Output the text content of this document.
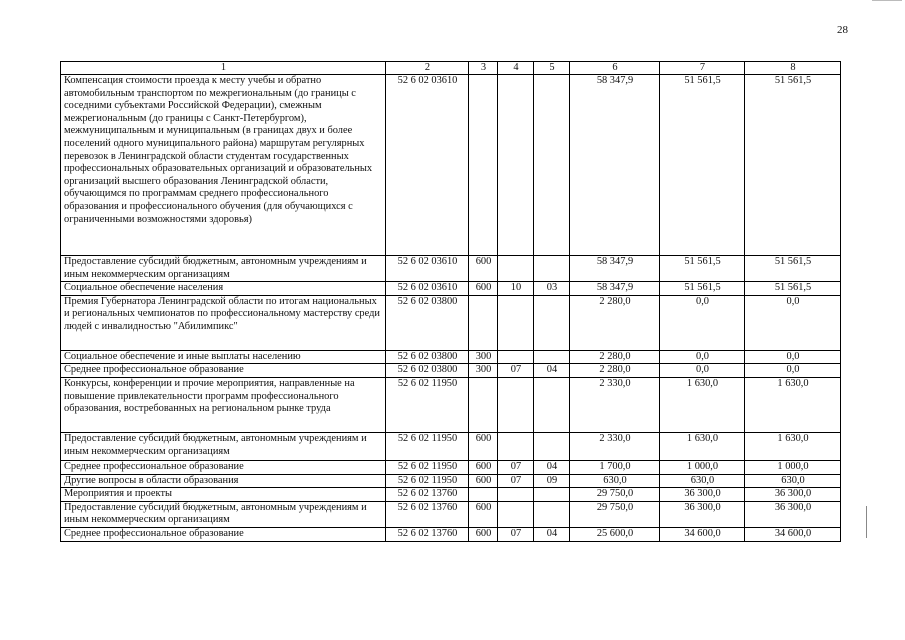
28
1	2	3	4	5	6	7	8
Компенсация стоимости проезда к месту учебы и обратно автомобильным транспортом по межрегиональным (до границы с соседними субъектами Российской Федерации), смежным межрегиональным (до границы с Санкт-Петербургом), межмуниципальным и муниципальным (в границах двух и более поселений одного муниципального района) маршрутам регулярных перевозок в Ленинградской области студентам государственных профессиональных образовательных организаций и образовательных организаций высшего образования Ленинградской области, обучающимся по программам среднего профессионального образования и профессионального обучения (для обучающихся с ограниченными возможностями здоровья)	52 6 02 03610				58 347,9	51 561,5	51 561,5
Предоставление субсидий бюджетным, автономным учреждениям и иным некоммерческим организациям	52 6 02 03610	600			58 347,9	51 561,5	51 561,5
Социальное обеспечение населения	52 6 02 03610	600	10	03	58 347,9	51 561,5	51 561,5
Премия Губернатора Ленинградской области по итогам национальных и региональных чемпионатов по профессиональному мастерству среди людей с инвалидностью "Абилимпикс"	52 6 02 03800				2 280,0	0,0	0,0
Социальное обеспечение и иные выплаты населению	52 6 02 03800	300			2 280,0	0,0	0,0
Среднее профессиональное образование	52 6 02 03800	300	07	04	2 280,0	0,0	0,0
Конкурсы, конференции и прочие мероприятия, направленные на повышение привлекательности программ профессионального образования, востребованных на региональном рынке труда	52 6 02 11950				2 330,0	1 630,0	1 630,0
Предоставление субсидий бюджетным, автономным учреждениям и иным некоммерческим организациям	52 6 02 11950	600			2 330,0	1 630,0	1 630,0
Среднее профессиональное образование	52 6 02 11950	600	07	04	1 700,0	1 000,0	1 000,0
Другие вопросы в области образования	52 6 02 11950	600	07	09	630,0	630,0	630,0
Мероприятия и проекты	52 6 02 13760				29 750,0	36 300,0	36 300,0
Предоставление субсидий бюджетным, автономным учреждениям и иным некоммерческим организациям	52 6 02 13760	600			29 750,0	36 300,0	36 300,0
Среднее профессиональное образование	52 6 02 13760	600	07	04	25 600,0	34 600,0	34 600,0
